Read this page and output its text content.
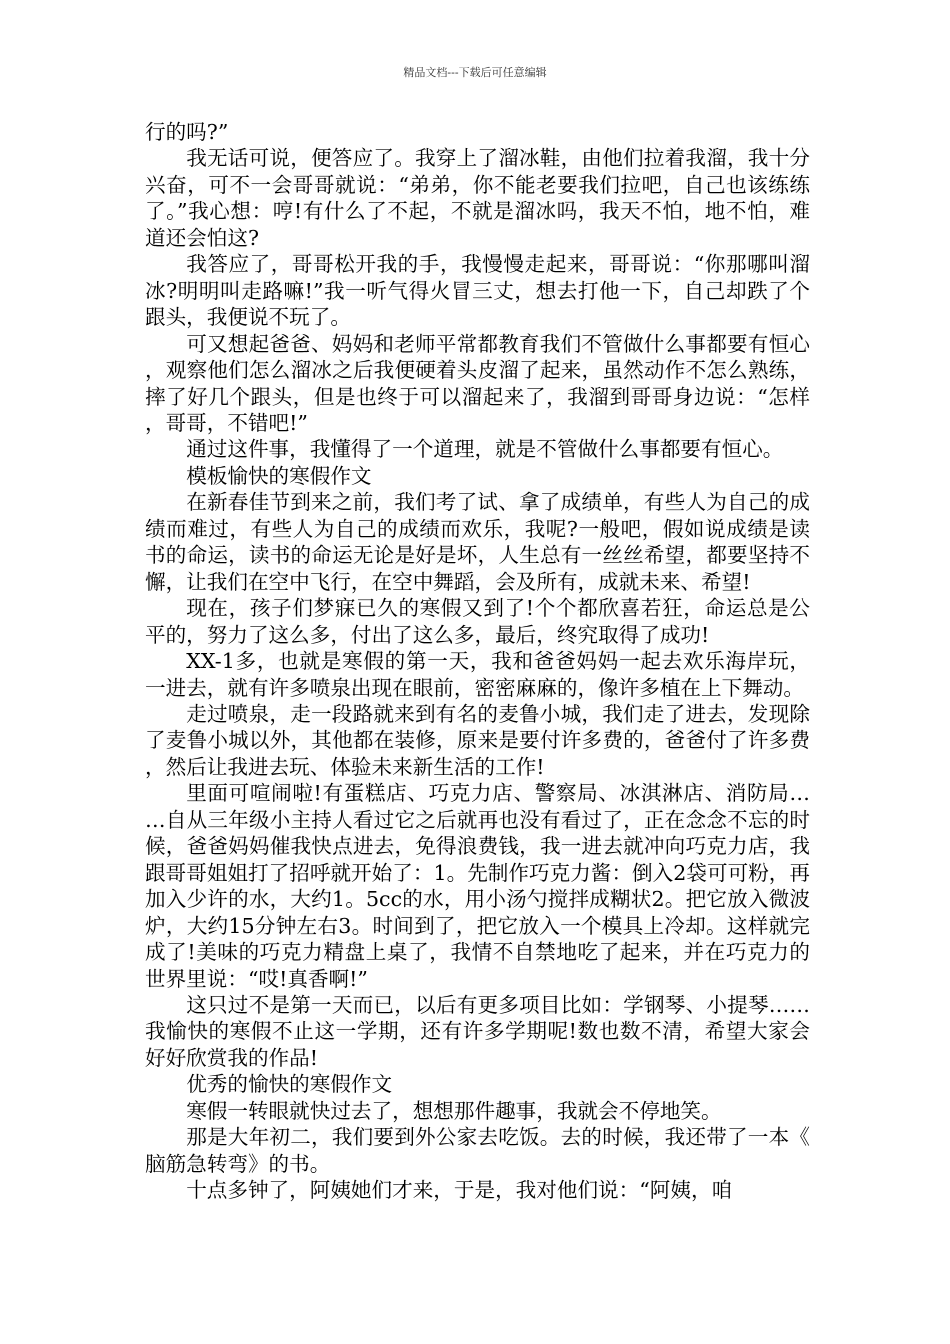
精品文档---下载后可任意编辑

行的吗?”

我无话可说，便答应了。我穿上了溜冰鞋，由他们拉着我溜，我十分兴奋，可不一会哥哥就说：“弟弟，你不能老要我们拉吧，自己也该练练了。”我心想：哼!有什么了不起，不就是溜冰吗，我天不怕，地不怕，难道还会怕这?

我答应了，哥哥松开我的手，我慢慢走起来，哥哥说：“你那哪叫溜冰?明明叫走路嘛!”我一听气得火冒三丈，想去打他一下，自己却跌了个跟头，我便说不玩了。

可又想起爸爸、妈妈和老师平常都教育我们不管做什么事都要有恒心，观察他们怎么溜冰之后我便硬着头皮溜了起来，虽然动作不怎么熟练，摔了好几个跟头，但是也终于可以溜起来了，我溜到哥哥身边说：“怎样，哥哥，不错吧!”

通过这件事，我懂得了一个道理，就是不管做什么事都要有恒心。

模板愉快的寒假作文

在新春佳节到来之前，我们考了试、拿了成绩单，有些人为自己的成绩而难过，有些人为自己的成绩而欢乐，我呢?一般吧，假如说成绩是读书的命运，读书的命运无论是好是坏，人生总有一丝丝希望，都要坚持不懈，让我们在空中飞行，在空中舞蹈，会及所有，成就未来、希望!

现在，孩子们梦寐已久的寒假又到了!个个都欣喜若狂，命运总是公平的，努力了这么多，付出了这么多，最后，终究取得了成功!

XX-1多，也就是寒假的第一天，我和爸爸妈妈一起去欢乐海岸玩，一进去，就有许多喷泉出现在眼前，密密麻麻的，像许多植在上下舞动。

走过喷泉，走一段路就来到有名的麦鲁小城，我们走了进去，发现除了麦鲁小城以外，其他都在装修，原来是要付许多费的，爸爸付了许多费，然后让我进去玩、体验未来新生活的工作!

里面可喧闹啦!有蛋糕店、巧克力店、警察局、冰淇淋店、消防局……自从三年级小主持人看过它之后就再也没有看过了，正在念念不忘的时候，爸爸妈妈催我快点进去，免得浪费钱，我一进去就冲向巧克力店，我跟哥哥姐姐打了招呼就开始了：1。先制作巧克力酱：倒入2袋可可粉，再加入少许的水，大约1。5cc的水，用小汤勺搅拌成糊状2。把它放入微波炉，大约15分钟左右3。时间到了，把它放入一个模具上冷却。这样就完成了!美味的巧克力精盘上桌了，我情不自禁地吃了起来，并在巧克力的世界里说：“哎!真香啊!”

这只过不是第一天而已，以后有更多项目比如：学钢琴、小提琴……我愉快的寒假不止这一学期，还有许多学期呢!数也数不清，希望大家会好好欣赏我的作品!

优秀的愉快的寒假作文

寒假一转眼就快过去了，想想那件趣事，我就会不停地笑。

那是大年初二，我们要到外公家去吃饭。去的时候，我还带了一本《脑筋急转弯》的书。

十点多钟了，阿姨她们才来，于是，我对他们说：“阿姨，咱
